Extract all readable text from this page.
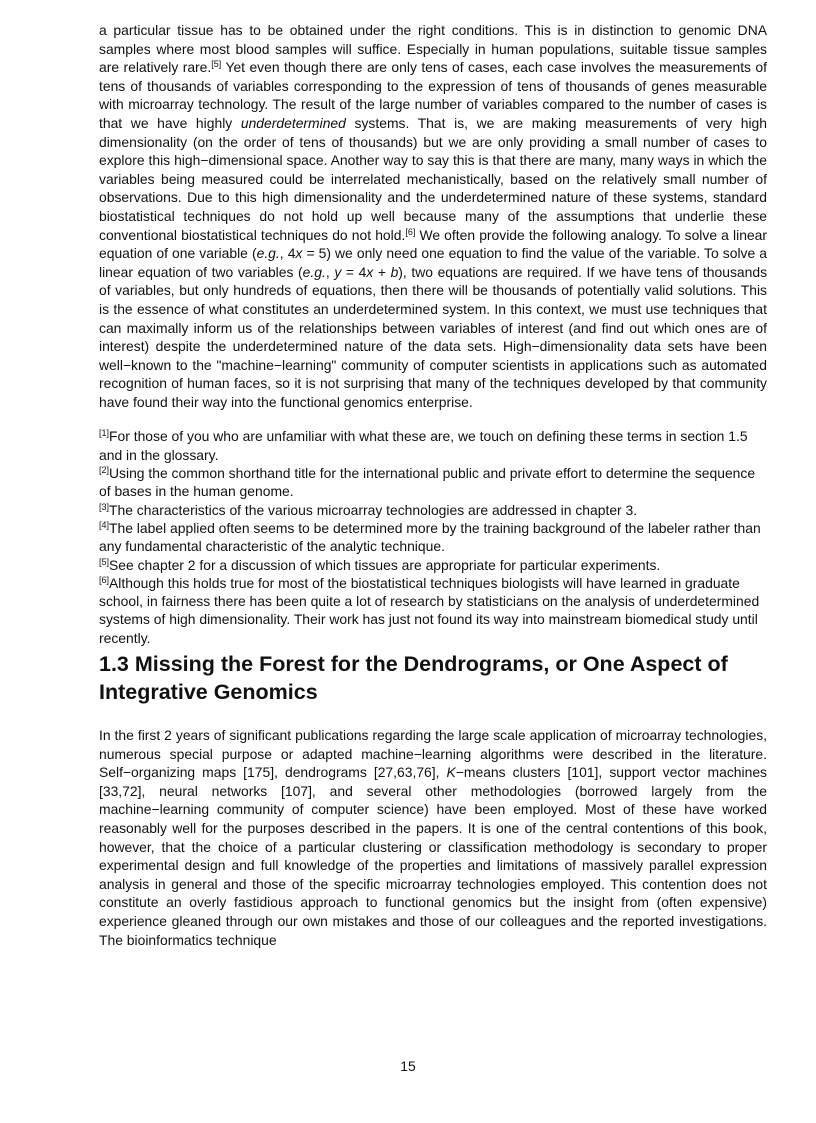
a particular tissue has to be obtained under the right conditions. This is in distinction to genomic DNA samples where most blood samples will suffice. Especially in human populations, suitable tissue samples are relatively rare.[5] Yet even though there are only tens of cases, each case involves the measurements of tens of thousands of variables corresponding to the expression of tens of thousands of genes measurable with microarray technology. The result of the large number of variables compared to the number of cases is that we have highly underdetermined systems. That is, we are making measurements of very high dimensionality (on the order of tens of thousands) but we are only providing a small number of cases to explore this high−dimensional space. Another way to say this is that there are many, many ways in which the variables being measured could be interrelated mechanistically, based on the relatively small number of observations. Due to this high dimensionality and the underdetermined nature of these systems, standard biostatistical techniques do not hold up well because many of the assumptions that underlie these conventional biostatistical techniques do not hold.[6] We often provide the following analogy. To solve a linear equation of one variable (e.g., 4x = 5) we only need one equation to find the value of the variable. To solve a linear equation of two variables (e.g., y = 4x + b), two equations are required. If we have tens of thousands of variables, but only hundreds of equations, then there will be thousands of potentially valid solutions. This is the essence of what constitutes an underdetermined system. In this context, we must use techniques that can maximally inform us of the relationships between variables of interest (and find out which ones are of interest) despite the underdetermined nature of the data sets. High−dimensionality data sets have been well−known to the "machine−learning" community of computer scientists in applications such as automated recognition of human faces, so it is not surprising that many of the techniques developed by that community have found their way into the functional genomics enterprise.

[1]For those of you who are unfamiliar with what these are, we touch on defining these terms in section 1.5 and in the glossary.

[2]Using the common shorthand title for the international public and private effort to determine the sequence of bases in the human genome.

[3]The characteristics of the various microarray technologies are addressed in chapter 3.

[4]The label applied often seems to be determined more by the training background of the labeler rather than any fundamental characteristic of the analytic technique.

[5]See chapter 2 for a discussion of which tissues are appropriate for particular experiments.

[6]Although this holds true for most of the biostatistical techniques biologists will have learned in graduate school, in fairness there has been quite a lot of research by statisticians on the analysis of underdetermined systems of high dimensionality. Their work has just not found its way into mainstream biomedical study until recently.

1.3 Missing the Forest for the Dendrograms, or One Aspect of Integrative Genomics

In the first 2 years of significant publications regarding the large scale application of microarray technologies, numerous special purpose or adapted machine−learning algorithms were described in the literature. Self−organizing maps [175], dendrograms [27,63,76], K−means clusters [101], support vector machines [33,72], neural networks [107], and several other methodologies (borrowed largely from the machine−learning community of computer science) have been employed. Most of these have worked reasonably well for the purposes described in the papers. It is one of the central contentions of this book, however, that the choice of a particular clustering or classification methodology is secondary to proper experimental design and full knowledge of the properties and limitations of massively parallel expression analysis in general and those of the specific microarray technologies employed. This contention does not constitute an overly fastidious approach to functional genomics but the insight from (often expensive) experience gleaned through our own mistakes and those of our colleagues and the reported investigations. The bioinformatics technique

15
